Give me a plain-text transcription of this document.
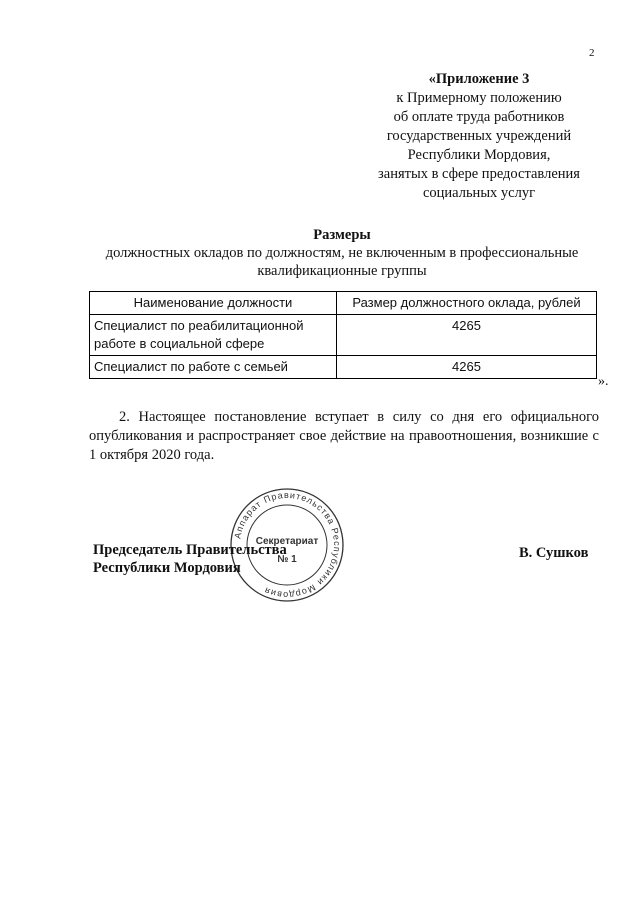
2
«Приложение 3
к Примерному положению
об оплате труда работников
государственных учреждений
Республики Мордовия,
занятых в сфере предоставления
социальных услуг
Размеры
должностных окладов по должностям, не включенным в профессиональные квалификационные группы
Наименование должности	Размер должностного оклада, рублей
Специалист по реабилитационной работе в социальной сфере	4265
Специалист по работе с семьей	4265
».
2. Настоящее постановление вступает в силу со дня его официального опубликования и распространяет свое действие на правоотношения, возникшие с 1 октября 2020 года.
Аппарат Правительства Республики Мордовия
Секретариат
№ 1
Председатель Правительства
Республики Мордовия
В. Сушков
